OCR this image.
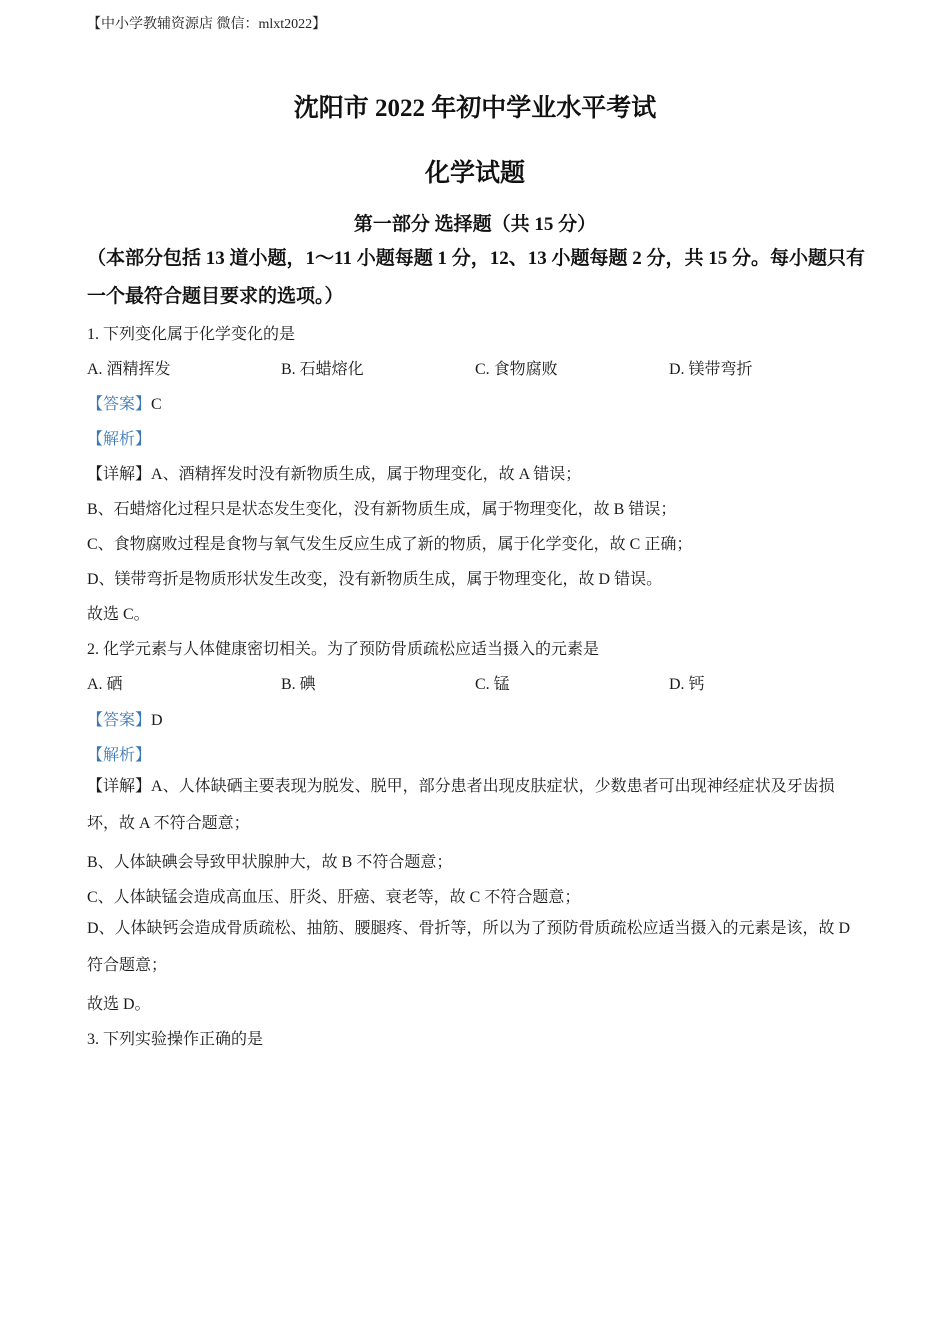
【中小学教辅资源店 微信：mlxt2022】
沈阳市 2022 年初中学业水平考试
化学试题
第一部分 选择题（共 15 分）
（本部分包括 13 道小题，1～11 小题每题 1 分，12、13 小题每题 2 分，共 15 分。每小题只有一个最符合题目要求的选项。）
1. 下列变化属于化学变化的是
A. 酒精挥发	B. 石蜡熔化	C. 食物腐败	D. 镁带弯折
【答案】C
【解析】
【详解】A、酒精挥发时没有新物质生成，属于物理变化，故 A 错误；
B、石蜡熔化过程只是状态发生变化，没有新物质生成，属于物理变化，故 B 错误；
C、食物腐败过程是食物与氧气发生反应生成了新的物质，属于化学变化，故 C 正确；
D、镁带弯折是物质形状发生改变，没有新物质生成，属于物理变化，故 D 错误。
故选 C。
2. 化学元素与人体健康密切相关。为了预防骨质疏松应适当摄入的元素是
A. 硒	B. 碘	C. 锰	D. 钙
【答案】D
【解析】
【详解】A、人体缺硒主要表现为脱发、脱甲，部分患者出现皮肤症状，少数患者可出现神经症状及牙齿损坏，故 A 不符合题意；
B、人体缺碘会导致甲状腺肿大，故 B 不符合题意；
C、人体缺锰会造成高血压、肝炎、肝癌、衰老等，故 C 不符合题意；
D、人体缺钙会造成骨质疏松、抽筋、腰腿疼、骨折等，所以为了预防骨质疏松应适当摄入的元素是该，故 D 符合题意；
故选 D。
3. 下列实验操作正确的是
